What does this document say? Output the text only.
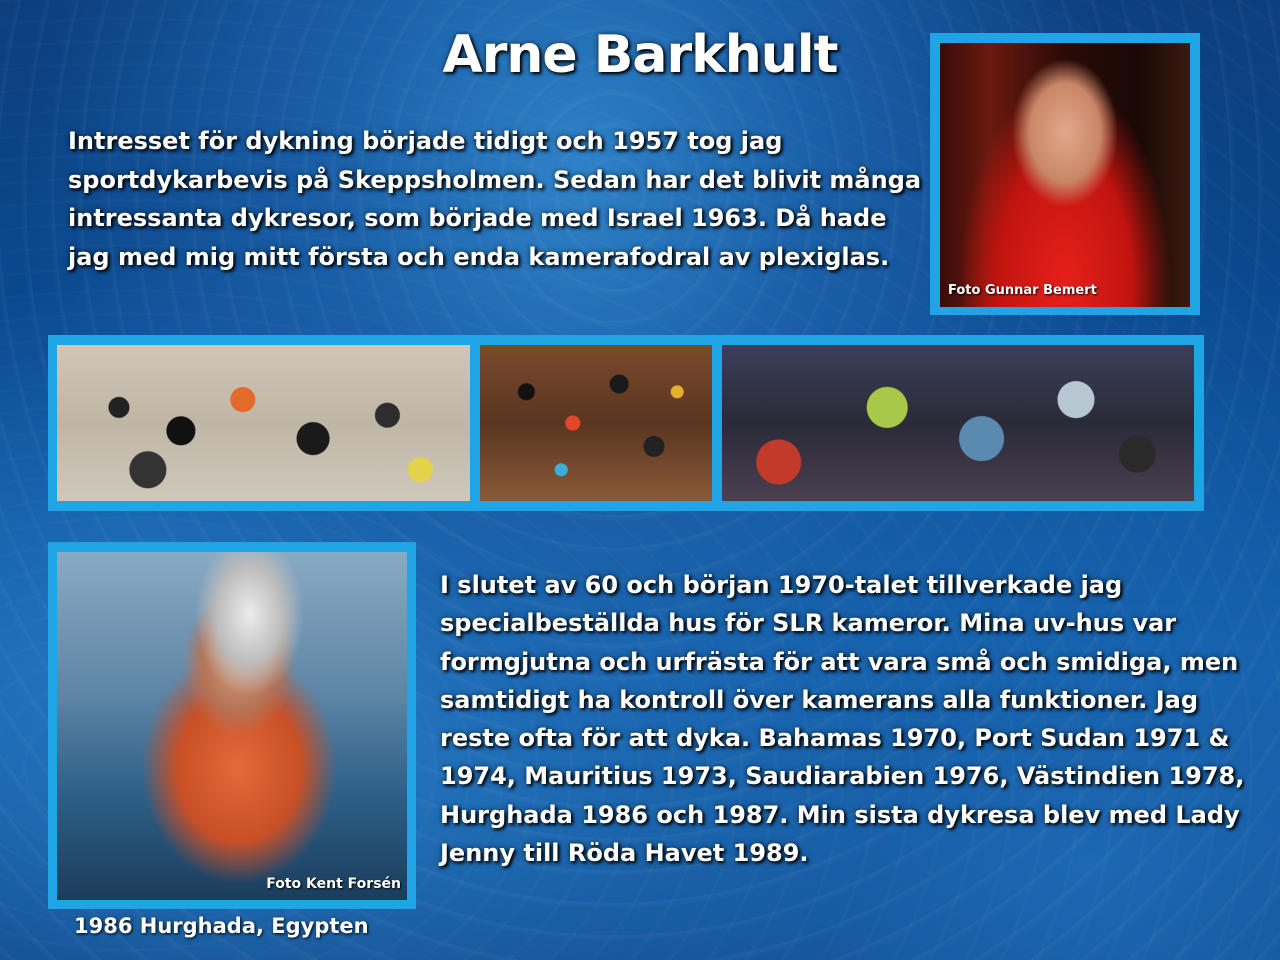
Arne Barkhult
Intresset för dykning började tidigt och 1957 tog jag
sportdykarbevis på Skeppsholmen. Sedan har det blivit många
intressanta dykresor, som började med Israel 1963. Då hade
jag med mig mitt första och enda kamerafodral av plexiglas.
Foto Gunnar Bemert
Foto Kent Forsén
1986 Hurghada, Egypten
I slutet av 60 och början 1970-talet tillverkade jag
specialbeställda hus för SLR kameror. Mina uv-hus var
formgjutna och urfrästa för att vara små och smidiga, men
samtidigt ha kontroll över kamerans alla funktioner. Jag
reste ofta för att dyka. Bahamas 1970, Port Sudan 1971 &
1974, Mauritius 1973, Saudiarabien 1976, Västindien 1978,
Hurghada 1986 och 1987. Min sista dykresa blev med Lady
Jenny till Röda Havet 1989.
